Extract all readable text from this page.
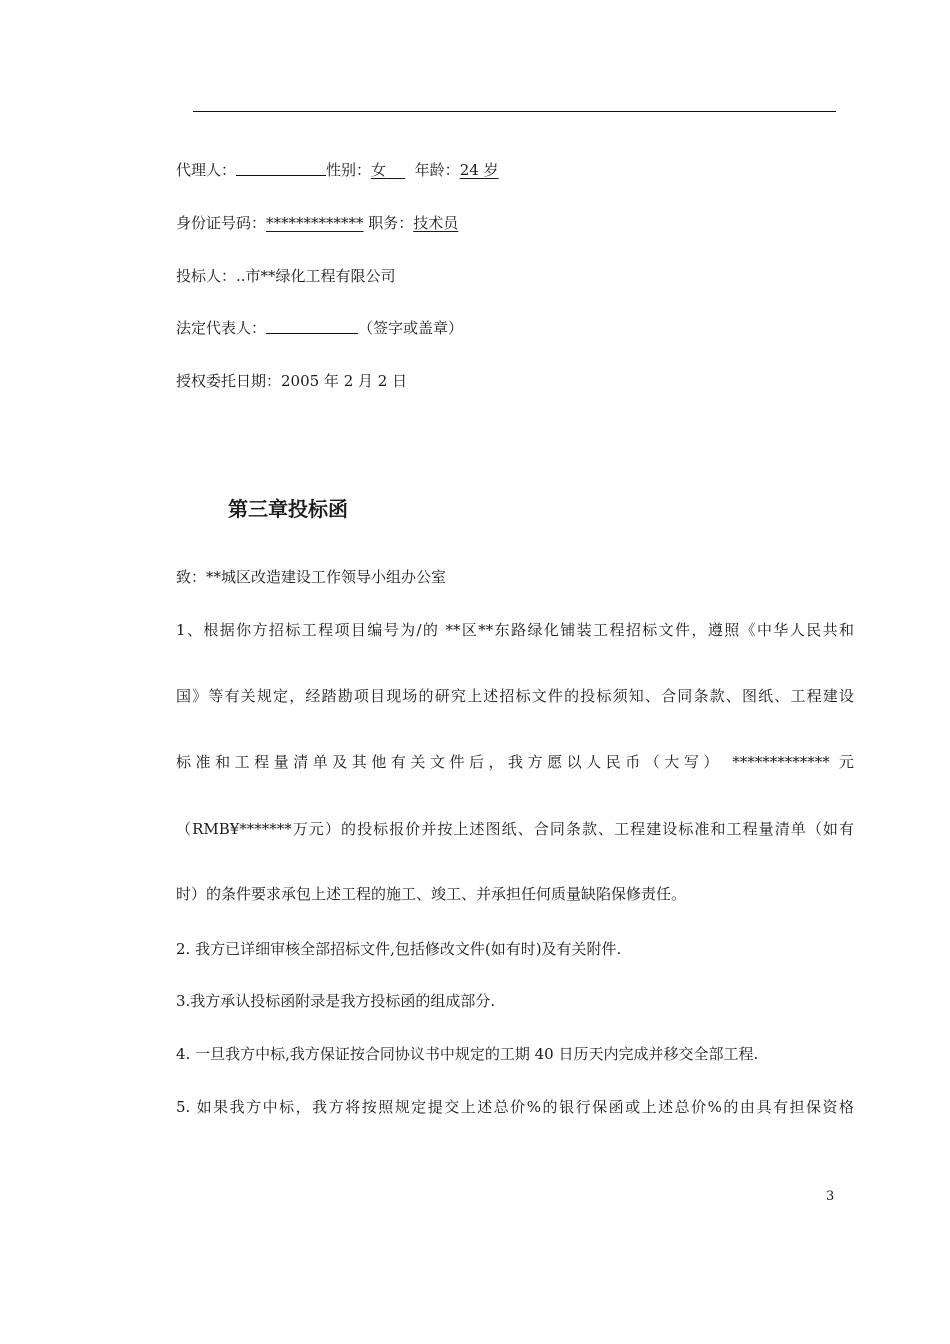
代理人：	性别：女 年龄：24 岁
身份证号码：************* 职务：技术员
投标人：..市**绿化工程有限公司
法定代表人：	（签字或盖章）
授权委托日期：2005 年 2 月 2 日
第三章投标函
致：**城区改造建设工作领导小组办公室
1、根据你方招标工程项目编号为/的 **区**东路绿化铺装工程招标文件，遵照《中华人民共和
国》等有关规定，经踏勘项目现场的研究上述招标文件的投标须知、合同条款、图纸、工程建设
标准和工程量清单及其他有关文件后，我方愿以人民币（大写） ************* 元
（RMB¥*******万元）的投标报价并按上述图纸、合同条款、工程建设标准和工程量清单（如有
时）的条件要求承包上述工程的施工、竣工、并承担任何质量缺陷保修责任。
2. 我方已详细审核全部招标文件,包括修改文件(如有时)及有关附件.
3.我方承认投标函附录是我方投标函的组成部分.
4. 一旦我方中标,我方保证按合同协议书中规定的工期 40 日历天内完成并移交全部工程.
5. 如果我方中标，我方将按照规定提交上述总价%的银行保函或上述总价%的由具有担保资格
3
